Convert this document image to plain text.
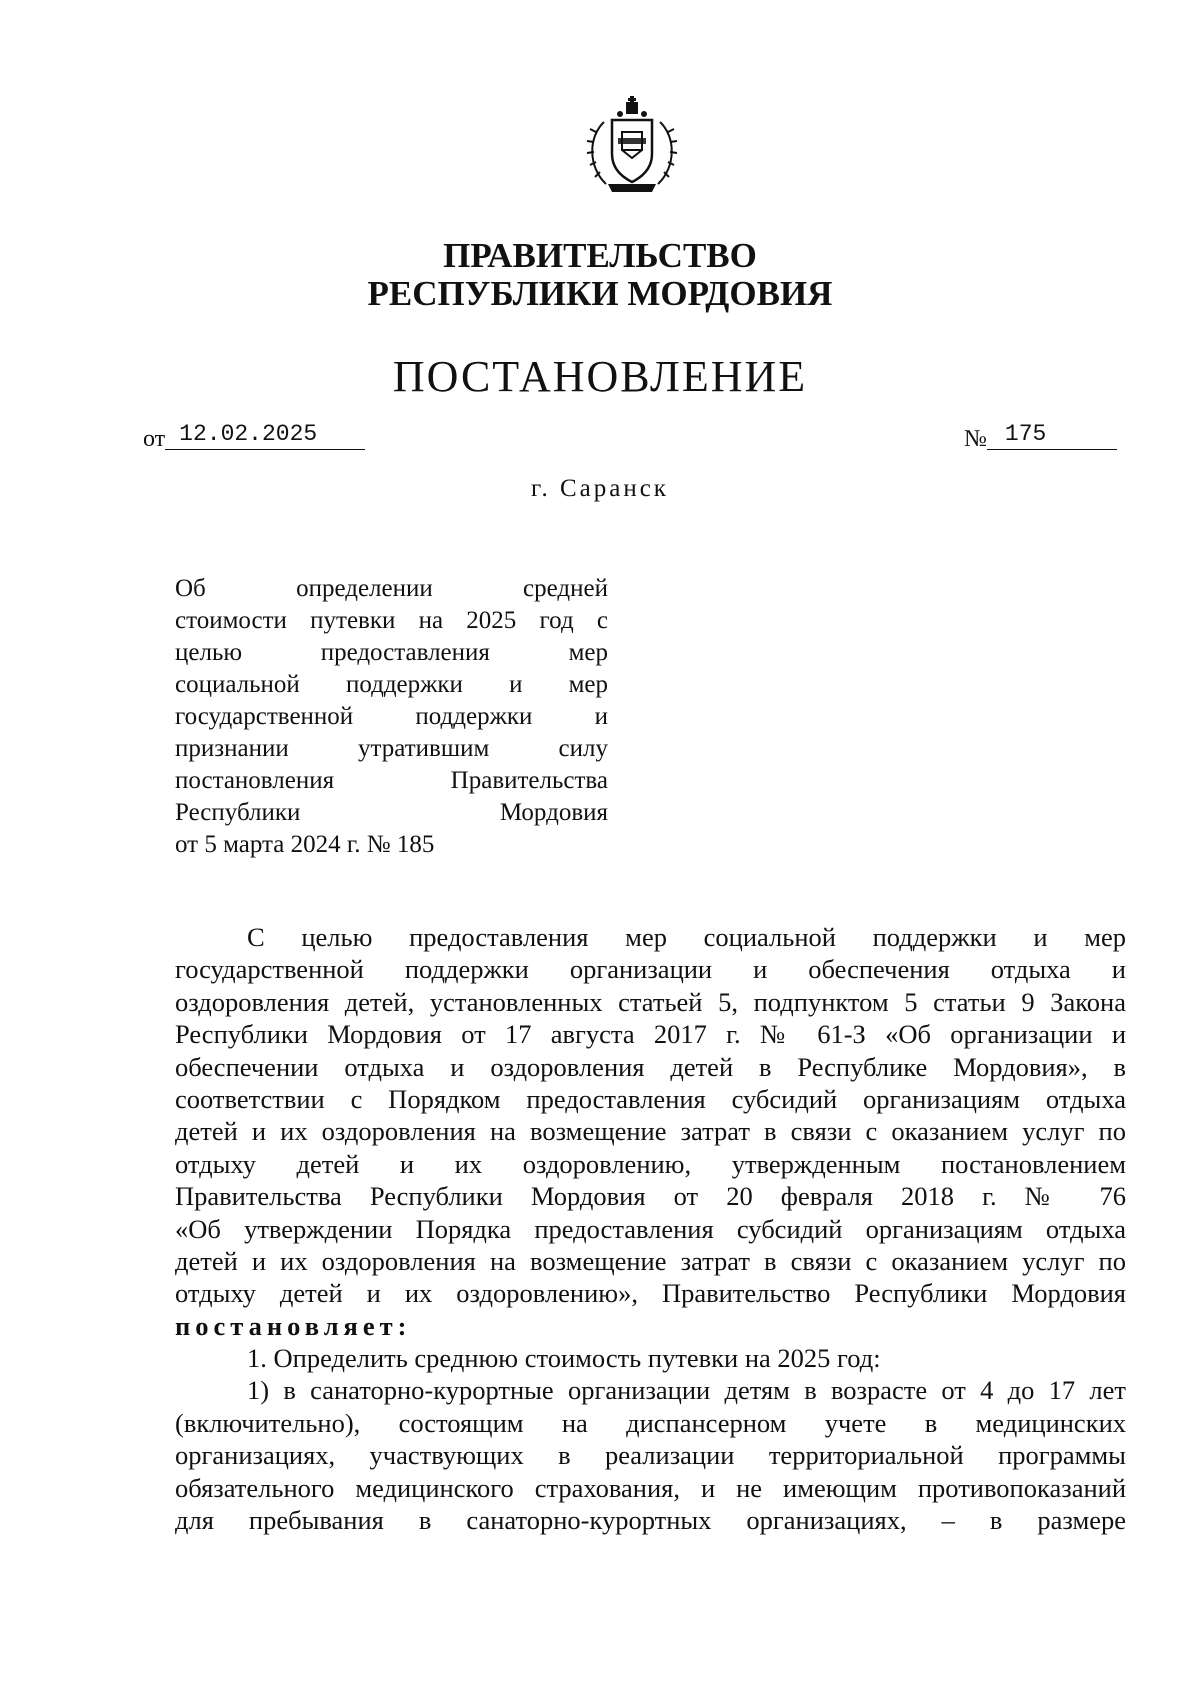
ПРАВИТЕЛЬСТВО
РЕСПУБЛИКИ МОРДОВИЯ
ПОСТАНОВЛЕНИЕ
от 12.02.2025	№ 175
г. Саранск
Об определении средней
стоимости путевки на 2025 год с
целью предоставления мер
социальной поддержки и мер
государственной поддержки и
признании утратившим силу
постановления Правительства
Республики Мордовия
от 5 марта 2024 г. № 185
С целью предоставления мер социальной поддержки и мер
государственной поддержки организации и обеспечения отдыха и
оздоровления детей, установленных статьей 5, подпунктом 5 статьи 9 Закона
Республики Мордовия от 17 августа 2017 г. № 61-З «Об организации и
обеспечении отдыха и оздоровления детей в Республике Мордовия», в
соответствии с Порядком предоставления субсидий организациям отдыха
детей и их оздоровления на возмещение затрат в связи с оказанием услуг по
отдыху детей и их оздоровлению, утвержденным постановлением
Правительства Республики Мордовия от 20 февраля 2018 г. № 76
«Об утверждении Порядка предоставления субсидий организациям отдыха
детей и их оздоровления на возмещение затрат в связи с оказанием услуг по
отдыху детей и их оздоровлению», Правительство Республики Мордовия
постановляет:
1. Определить среднюю стоимость путевки на 2025 год:
1) в санаторно-курортные организации детям в возрасте от 4 до 17 лет
(включительно), состоящим на диспансерном учете в медицинских
организациях, участвующих в реализации территориальной программы
обязательного медицинского страхования, и не имеющим противопоказаний
для пребывания в санаторно-курортных организациях, – в размере
